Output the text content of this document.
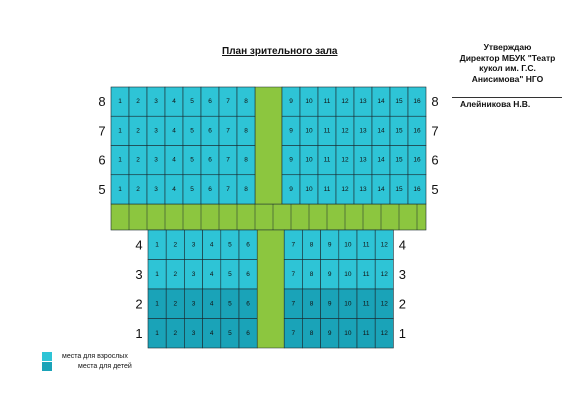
План зрительного зала	Утверждаю
Директор МБУК "Театр
кукол им. Г.С.
Анисимова" НГО
Алейникова Н.В.
1 2 3 4 5 6 7 8	9 10 11 12 13 14 15 16
8	8
1 2 3 4 5 6 7 8	9 10 11 12 13 14 15 16
7	7
1 2 3 4 5 6 7 8	9 10 11 12 13 14 15 16
6	6
1 2 3 4 5 6 7 8	9 10 11 12 13 14 15 16
5	5
1 2 3 4 5 6	7 8 9 10 11 12
4	4
1 2 3 4 5 6	7 8 9 10 11 12
3	3
1 2 3 4 5 6	7 8 9 10 11 12
2	2
1 2 3 4 5 6	7 8 9 10 11 12
1	1
места для взрослых
места для детей
